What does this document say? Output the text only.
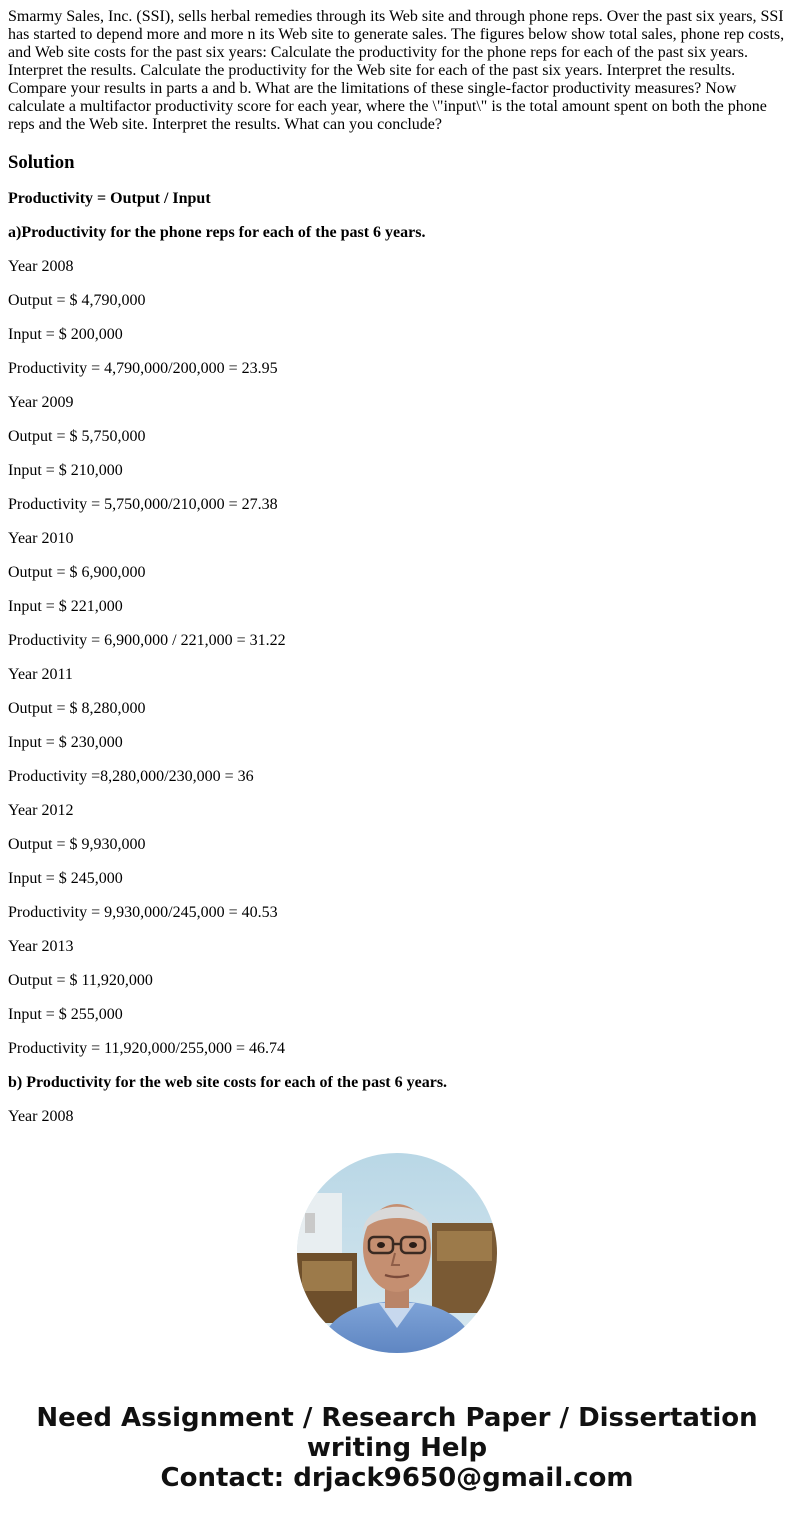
Smarmy Sales, Inc. (SSI), sells herbal remedies through its Web site and through phone reps. Over the past six years, SSI has started to depend more and more n its Web site to generate sales. The figures below show total sales, phone rep costs, and Web site costs for the past six years: Calculate the productivity for the phone reps for each of the past six years. Interpret the results. Calculate the productivity for the Web site for each of the past six years. Interpret the results. Compare your results in parts a and b. What are the limitations of these single-factor productivity measures? Now calculate a multifactor productivity score for each year, where the \"input\" is the total amount spent on both the phone reps and the Web site. Interpret the results. What can you conclude?

Solution

Productivity = Output / Input

a)Productivity for the phone reps for each of the past 6 years.

Year 2008

Output = $ 4,790,000

Input = $ 200,000

Productivity = 4,790,000/200,000 = 23.95

Year 2009

Output = $ 5,750,000

Input = $ 210,000

Productivity = 5,750,000/210,000 = 27.38

Year 2010

Output = $ 6,900,000

Input = $ 221,000

Productivity = 6,900,000 / 221,000 = 31.22

Year 2011

Output = $ 8,280,000

Input = $ 230,000

Productivity =8,280,000/230,000 = 36

Year 2012

Output = $ 9,930,000

Input = $ 245,000

Productivity = 9,930,000/245,000 = 40.53

Year 2013

Output = $ 11,920,000

Input = $ 255,000

Productivity = 11,920,000/255,000 = 46.74

b) Productivity for the web site costs for each of the past 6 years.

Year 2008

Need Assignment / Research Paper / Dissertation
writing Help
Contact: drjack9650@gmail.com
